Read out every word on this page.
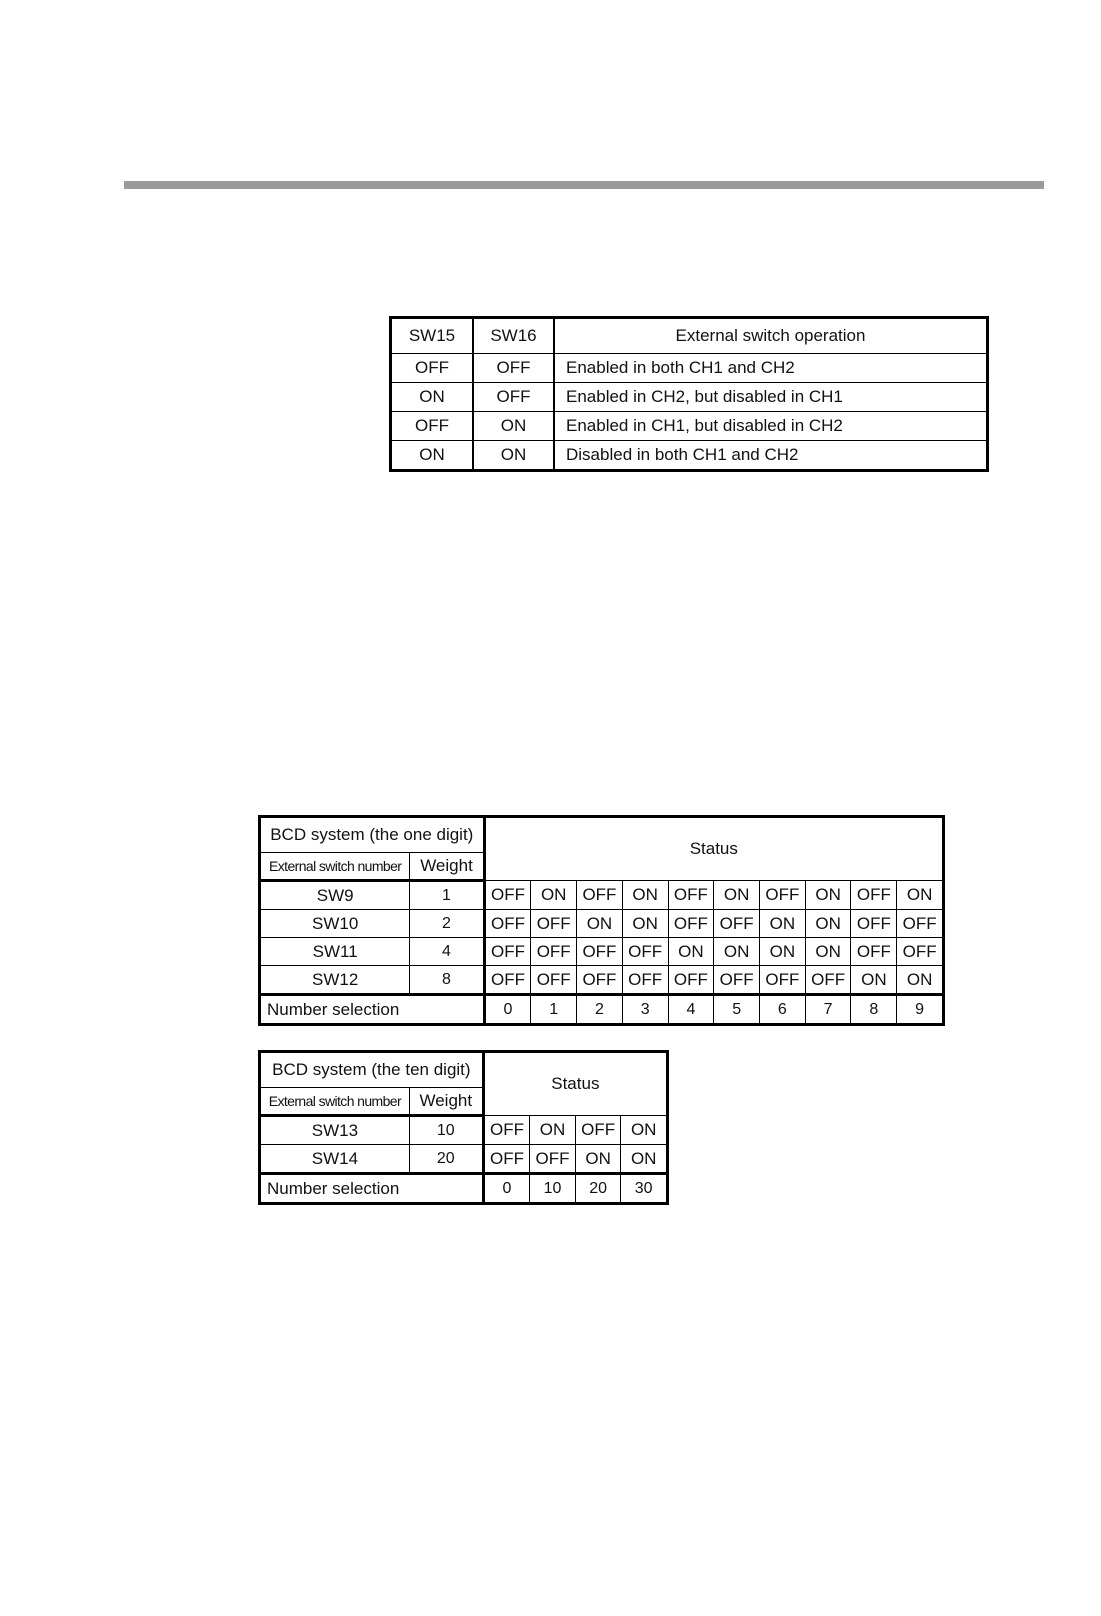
SW15	SW16	External switch operation
OFF	OFF	Enabled in both CH1 and CH2
ON	OFF	Enabled in CH2, but disabled in CH1
OFF	ON	Enabled in CH1, but disabled in CH2
ON	ON	Disabled in both CH1 and CH2
BCD system (the one digit)		Status									
External switch number	Weight										
SW9	1	OFF	ON	OFF	ON	OFF	ON	OFF	ON	OFF	ON
SW10	2	OFF	OFF	ON	ON	OFF	OFF	ON	ON	OFF	OFF
SW11	4	OFF	OFF	OFF	OFF	ON	ON	ON	ON	OFF	OFF
SW12	8	OFF	OFF	OFF	OFF	OFF	OFF	OFF	OFF	ON	ON
Number selection		0	1	2	3	4	5	6	7	8	9
BCD system (the ten digit)		Status			
External switch number	Weight				
SW13	10	OFF	ON	OFF	ON
SW14	20	OFF	OFF	ON	ON
Number selection		0	10	20	30
